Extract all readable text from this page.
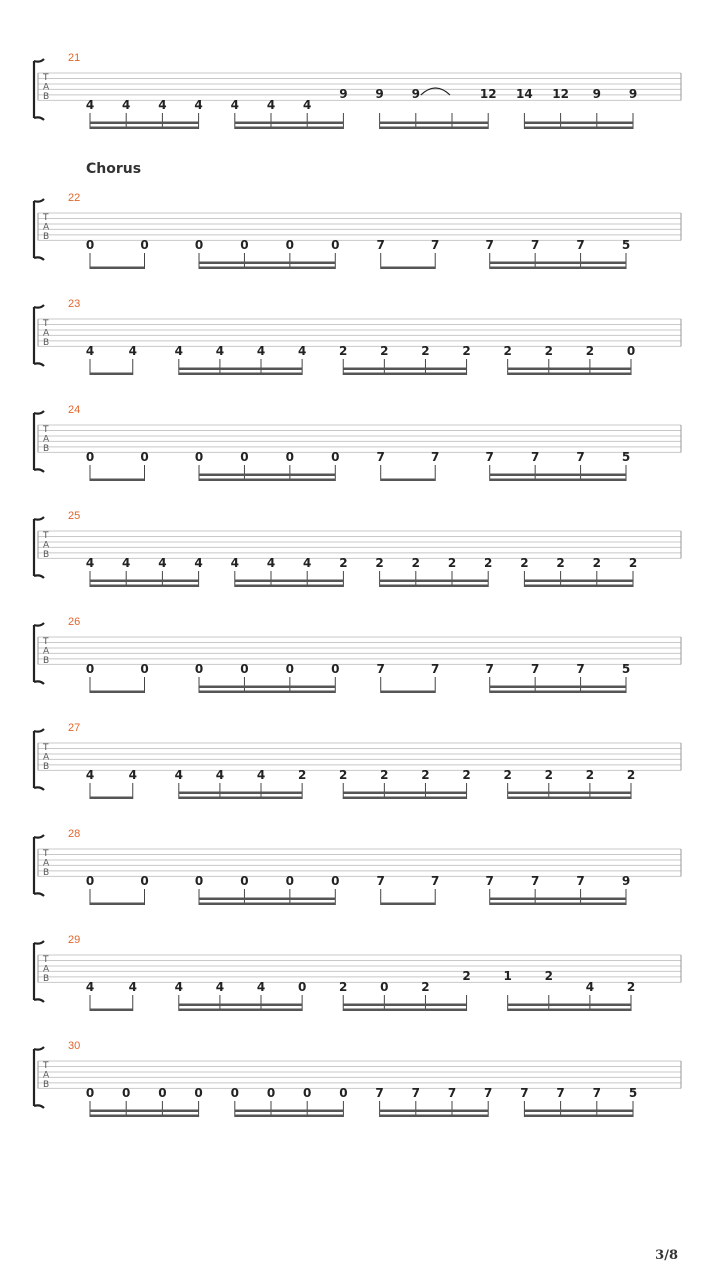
Chorus
T
A
B
21
4 4 4 4 4 4 4
9 9 9	12 14 12 9 9
T
A
B
22
0	0	0	0	0	0	7	7	7	7	7	5
T
A
B
23
4	4	4	4	4	4	2	2	2	2	2	2	2	0
T
A
B
24
0	0	0	0	0	0	7	7	7	7	7	5
T
A
B
25
4 4 4 4 4 4 4 2 2 2 2 2 2 2 2 2
T
A
B
26
0	0	0	0	0	0	7	7	7	7	7	5
T
A
B
27
4	4	4	4	4	2	2	2	2	2	2	2	2	2
T
A
B
28
0	0	0	0	0	0	7	7	7	7	7	9
T
A
B
29
4	4	4	4	4	0	2	0	2
2	1	2
4	2
T
A
B
30
0 0 0 0 0 0 0 0 7 7 7 7 7 7 7 5
3/8
